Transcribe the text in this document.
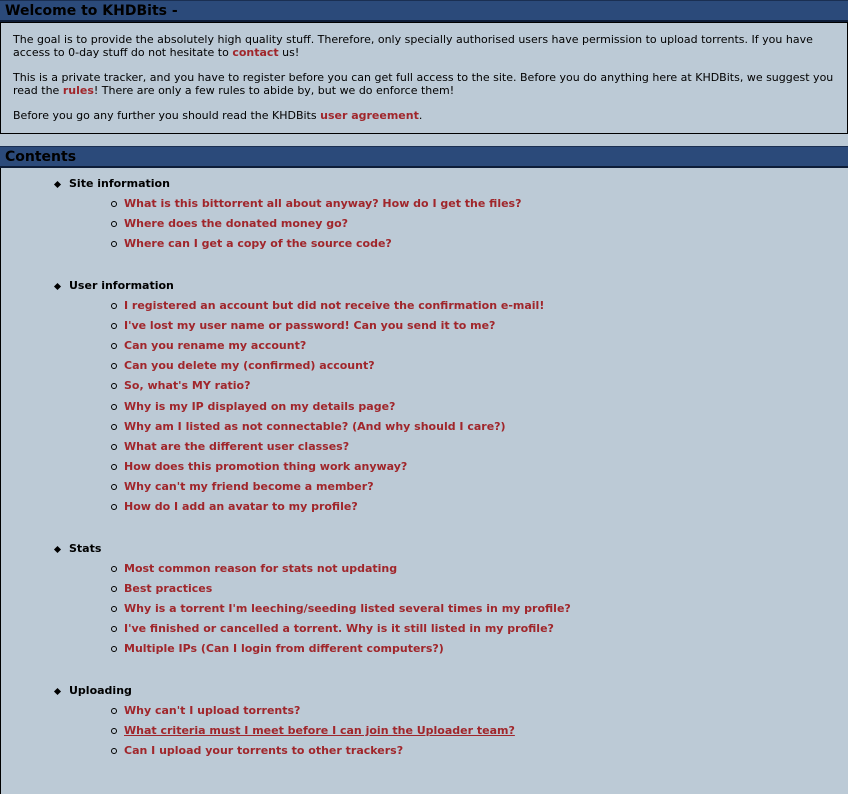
Welcome to KHDBits -

The goal is to provide the absolutely high quality stuff. Therefore, only specially authorised users have permission to upload torrents. If you have access to 0-day stuff do not hesitate to contact us!

This is a private tracker, and you have to register before you can get full access to the site. Before you do anything here at KHDBits, we suggest you read the rules! There are only a few rules to abide by, but we do enforce them!

Before you go any further you should read the KHDBits user agreement.

Contents
Site information
What is this bittorrent all about anyway? How do I get the files?
Where does the donated money go?
Where can I get a copy of the source code?
User information
I registered an account but did not receive the confirmation e-mail!
I've lost my user name or password! Can you send it to me?
Can you rename my account?
Can you delete my (confirmed) account?
So, what's MY ratio?
Why is my IP displayed on my details page?
Why am I listed as not connectable? (And why should I care?)
What are the different user classes?
How does this promotion thing work anyway?
Why can't my friend become a member?
How do I add an avatar to my profile?
Stats
Most common reason for stats not updating
Best practices
Why is a torrent I'm leeching/seeding listed several times in my profile?
I've finished or cancelled a torrent. Why is it still listed in my profile?
Multiple IPs (Can I login from different computers?)
Uploading
Why can't I upload torrents?
What criteria must I meet before I can join the Uploader team?
Can I upload your torrents to other trackers?
